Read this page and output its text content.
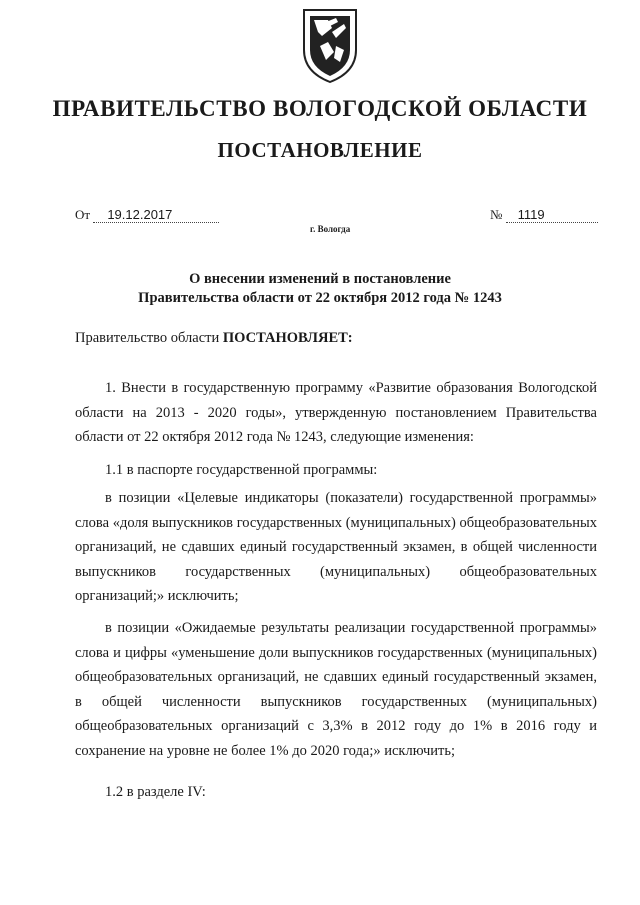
ПРАВИТЕЛЬСТВО ВОЛОГОДСКОЙ ОБЛАСТИ
ПОСТАНОВЛЕНИЕ
От 19.12.2017	№ 1119
г. Вологда
О внесении изменений в постановление
Правительства области от 22 октября 2012 года № 1243
Правительство области ПОСТАНОВЛЯЕТ:

1. Внести в государственную программу «Развитие образования Вологодской области на 2013 - 2020 годы», утвержденную постановлением Правительства области от 22 октября 2012 года № 1243, следующие изменения:

1.1 в паспорте государственной программы:

в позиции «Целевые индикаторы (показатели) государственной программы» слова «доля выпускников государственных (муниципальных) общеобразовательных организаций, не сдавших единый государственный экзамен, в общей численности выпускников государственных (муниципальных) общеобразовательных организаций;» исключить;

в позиции «Ожидаемые результаты реализации государственной программы» слова и цифры «уменьшение доли выпускников государственных (муниципальных) общеобразовательных организаций, не сдавших единый государственный экзамен, в общей численности выпускников государственных (муниципальных) общеобразовательных организаций с 3,3% в 2012 году до 1% в 2016 году и сохранение на уровне не более 1% до 2020 года;» исключить;

1.2 в разделе IV:
